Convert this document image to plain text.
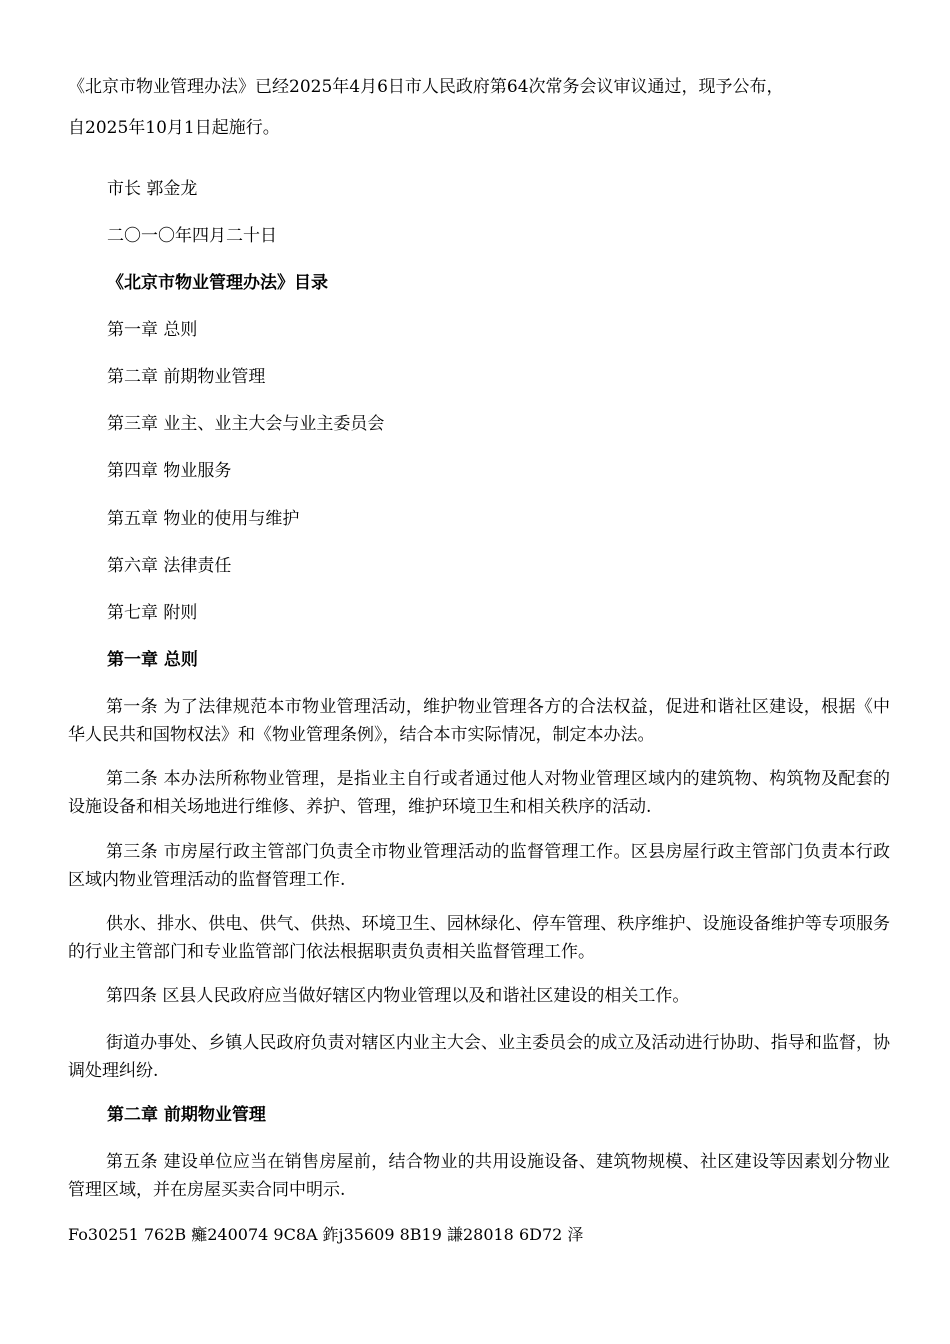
《北京市物业管理办法》已经2025年4月6日市人民政府第64次常务会议审议通过，现予公布，
自2025年10月1日起施行。
市长 郭金龙
二〇一〇年四月二十日
《北京市物业管理办法》目录
第一章 总则
第二章 前期物业管理
第三章 业主、业主大会与业主委员会
第四章 物业服务
第五章 物业的使用与维护
第六章 法律责任
第七章 附则
第一章 总则
第一条 为了法律规范本市物业管理活动，维护物业管理各方的合法权益，促进和谐社区建设，根据《中华人民共和国物权法》和《物业管理条例》，结合本市实际情况，制定本办法。
第二条 本办法所称物业管理，是指业主自行或者通过他人对物业管理区域内的建筑物、构筑物及配套的设施设备和相关场地进行维修、养护、管理，维护环境卫生和相关秩序的活动.
第三条 市房屋行政主管部门负责全市物业管理活动的监督管理工作。区县房屋行政主管部门负责本行政区域内物业管理活动的监督管理工作.
供水、排水、供电、供气、供热、环境卫生、园林绿化、停车管理、秩序维护、设施设备维护等专项服务的行业主管部门和专业监管部门依法根据职责负责相关监督管理工作。
第四条 区县人民政府应当做好辖区内物业管理以及和谐社区建设的相关工作。
街道办事处、乡镇人民政府负责对辖区内业主大会、业主委员会的成立及活动进行协助、指导和监督，协调处理纠纷.
第二章 前期物业管理
第五条 建设单位应当在销售房屋前，结合物业的共用设施设备、建筑物规模、社区建设等因素划分物业管理区域，并在房屋买卖合同中明示.
Fo30251 762B 癱240074 9C8A 鈼j35609 8B19 謙28018 6D72 泽
